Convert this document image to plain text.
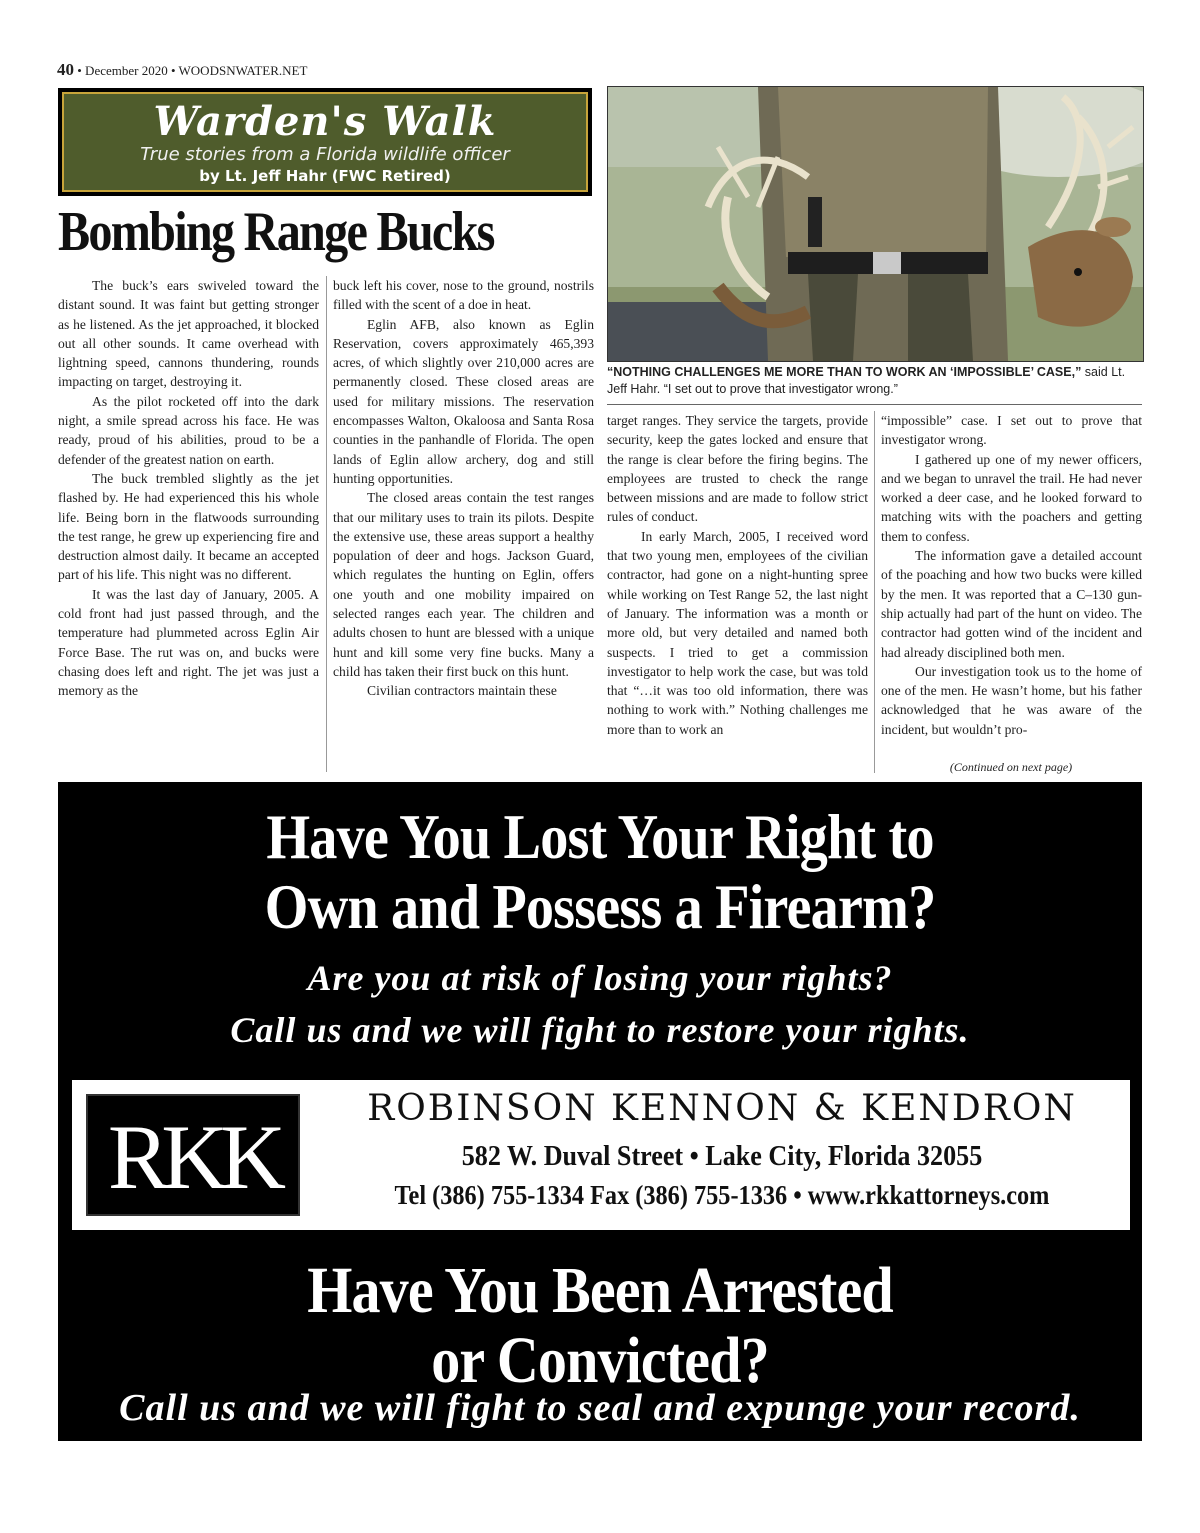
40 • December 2020 • WOODSNWATER.NET
Warden's Walk
True stories from a Florida wildlife officer
by Lt. Jeff Hahr (FWC Retired)
Bombing Range Bucks

The buck’s ears swiveled toward the distant sound. It was faint but getting stronger as he listened. As the jet approached, it blocked out all other sounds. It came overhead with lightning speed, cannons thundering, rounds impacting on target, destroying it.

As the pilot rocketed off into the dark night, a smile spread across his face. He was ready, proud of his abilities, proud to be a defender of the greatest nation on earth.

The buck trembled slightly as the jet flashed by. He had experienced this his whole life. Being born in the flatwoods surrounding the test range, he grew up experiencing fire and destruction almost daily. It became an accepted part of his life. This night was no different.

It was the last day of January, 2005. A cold front had just passed through, and the temperature had plummeted across Eglin Air Force Base. The rut was on, and bucks were chasing does left and right. The jet was just a memory as the

buck left his cover, nose to the ground, nostrils filled with the scent of a doe in heat.

Eglin AFB, also known as Eglin Reservation, covers approximately 465,393 acres, of which slightly over 210,000 acres are permanently closed. These closed areas are used for military missions. The reservation encompasses Walton, Okaloosa and Santa Rosa counties in the panhandle of Florida. The open lands of Eglin allow archery, dog and still hunting opportunities.

The closed areas contain the test ranges that our military uses to train its pilots. Despite the extensive use, these areas support a healthy population of deer and hogs. Jackson Guard, which regulates the hunting on Eglin, offers one youth and one mobility impaired on selected ranges each year. The children and adults chosen to hunt are blessed with a unique hunt and kill some very fine bucks. Many a child has taken their first buck on this hunt.

Civilian contractors maintain these

“NOTHING CHALLENGES ME MORE THAN TO WORK AN ‘IMPOSSIBLE’ CASE,” said Lt. Jeff Hahr. “I set out to prove that investigator wrong.”

target ranges. They service the targets, provide security, keep the gates locked and ensure that the range is clear before the firing begins. The employees are trusted to check the range between missions and are made to follow strict rules of conduct.

In early March, 2005, I received word that two young men, employees of the civilian contractor, had gone on a night-hunting spree while working on Test Range 52, the last night of January. The information was a month or more old, but very detailed and named both suspects. I tried to get a commission investigator to help work the case, but was told that “…it was too old information, there was nothing to work with.” Nothing challenges me more than to work an

“impossible” case. I set out to prove that investigator wrong.

I gathered up one of my newer officers, and we began to unravel the trail. He had never worked a deer case, and he looked forward to matching wits with the poachers and getting them to confess.

The information gave a detailed account of the poaching and how two bucks were killed by the men. It was reported that a C–130 gun-ship actually had part of the hunt on video. The contractor had gotten wind of the incident and had already disciplined both men.

Our investigation took us to the home of one of the men. He wasn’t home, but his father acknowledged that he was aware of the incident, but wouldn’t pro-

(Continued on next page)
Have You Lost Your Right to
Own and Possess a Firearm?
Are you at risk of losing your rights?
Call us and we will fight to restore your rights.
RKK	ROBINSON KENNON & KENDRON
582 W. Duval Street • Lake City, Florida 32055
Tel (386) 755-1334 Fax (386) 755-1336 • www.rkkattorneys.com
Have You Been Arrested
or Convicted?
Call us and we will fight to seal and expunge your record.
